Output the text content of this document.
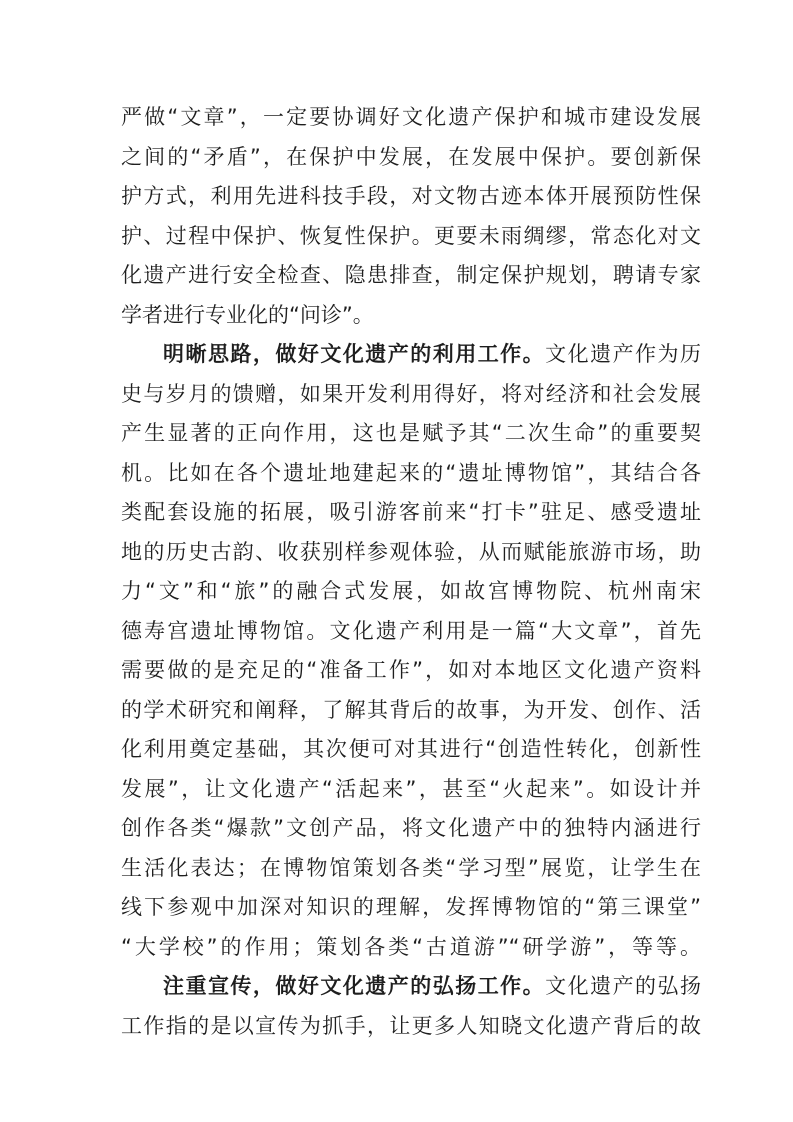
严做“文章”，一定要协调好文化遗产保护和城市建设发展
之间的“矛盾”，在保护中发展，在发展中保护。要创新保
护方式，利用先进科技手段，对文物古迹本体开展预防性保
护、过程中保护、恢复性保护。更要未雨绸缪，常态化对文
化遗产进行安全检查、隐患排查，制定保护规划，聘请专家
学者进行专业化的“问诊”。
明晰思路，做好文化遗产的利用工作。文化遗产作为历
史与岁月的馈赠，如果开发利用得好，将对经济和社会发展
产生显著的正向作用，这也是赋予其“二次生命”的重要契
机。比如在各个遗址地建起来的“遗址博物馆”，其结合各
类配套设施的拓展，吸引游客前来“打卡”驻足、感受遗址
地的历史古韵、收获别样参观体验，从而赋能旅游市场，助
力“文”和“旅”的融合式发展，如故宫博物院、杭州南宋
德寿宫遗址博物馆。文化遗产利用是一篇“大文章”，首先
需要做的是充足的“准备工作”，如对本地区文化遗产资料
的学术研究和阐释，了解其背后的故事，为开发、创作、活
化利用奠定基础，其次便可对其进行“创造性转化，创新性
发展”，让文化遗产“活起来”，甚至“火起来”。如设计并
创作各类“爆款”文创产品，将文化遗产中的独特内涵进行
生活化表达；在博物馆策划各类“学习型”展览，让学生在
线下参观中加深对知识的理解，发挥博物馆的“第三课堂”
“大学校”的作用；策划各类“古道游”“研学游”，等等。
注重宣传，做好文化遗产的弘扬工作。文化遗产的弘扬
工作指的是以宣传为抓手，让更多人知晓文化遗产背后的故
